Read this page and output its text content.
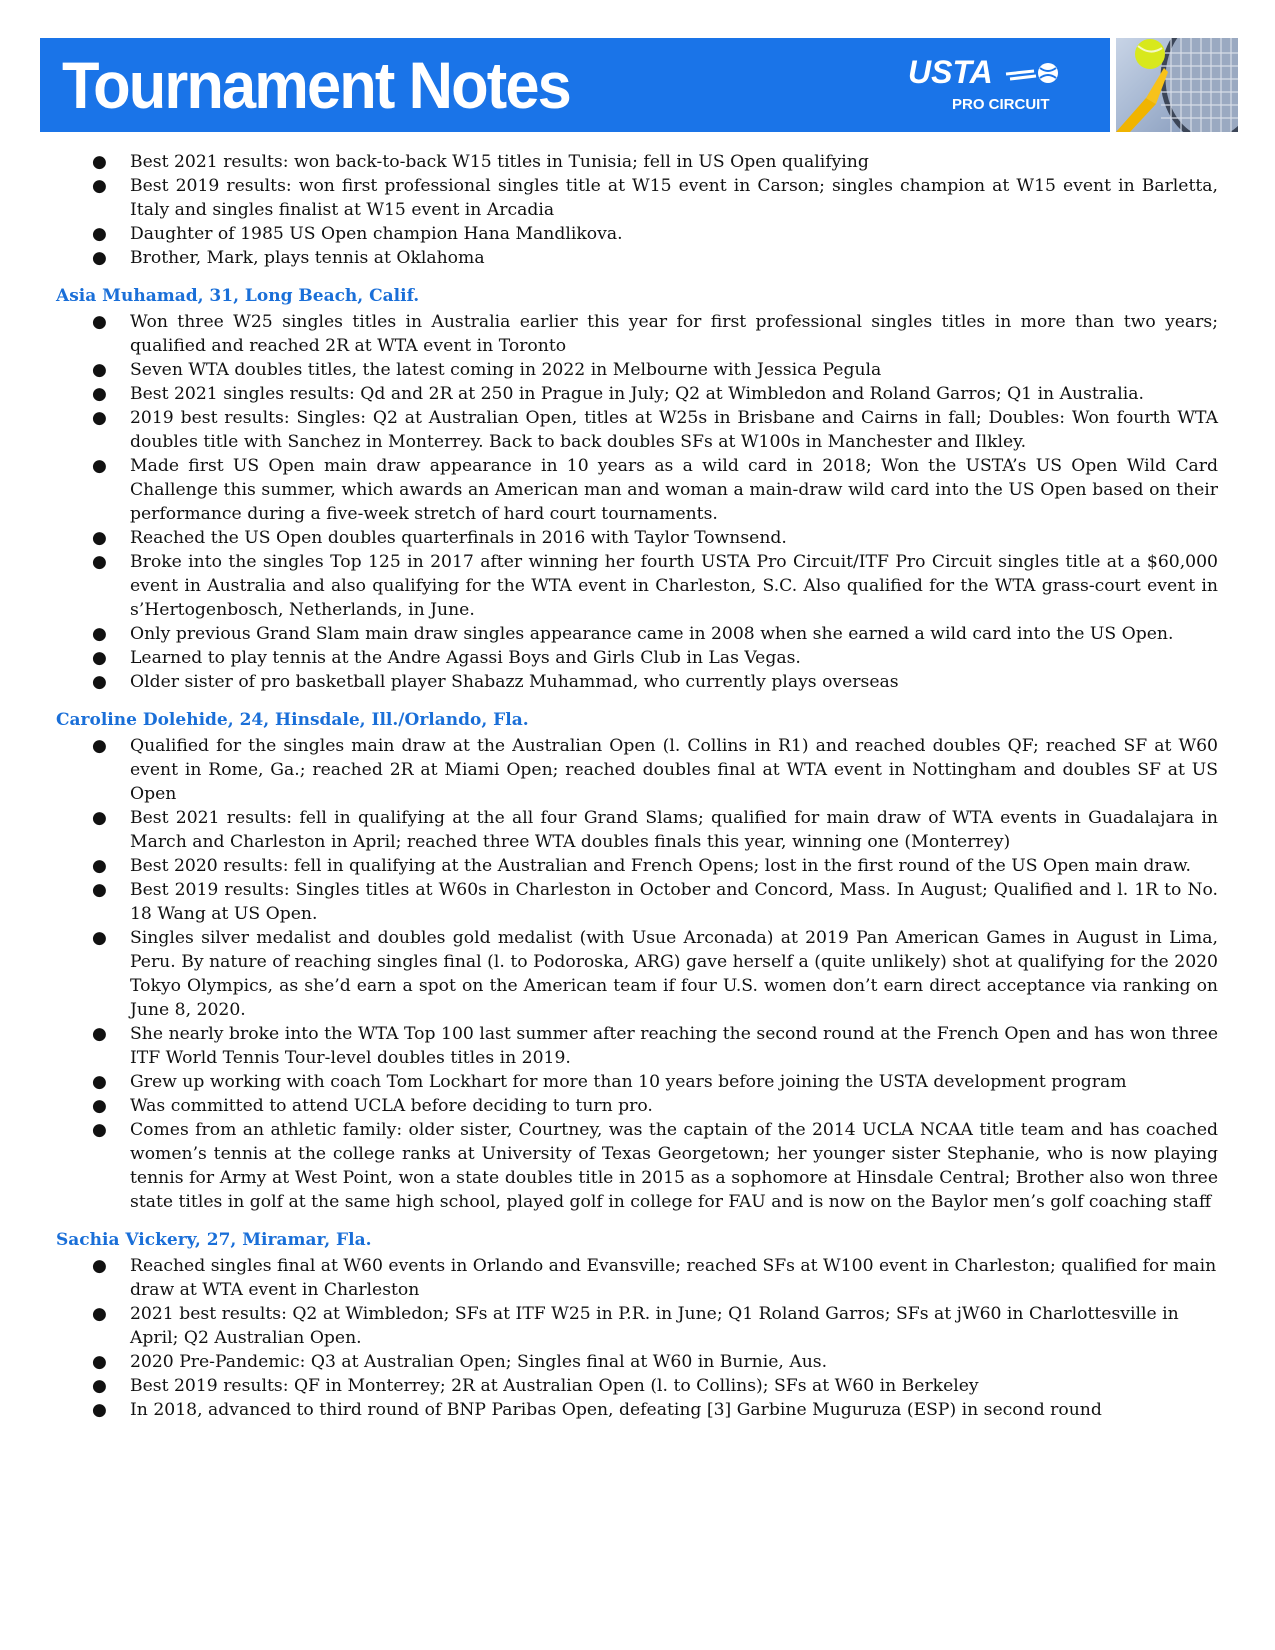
Tournament Notes	USTA
PRO CIRCUIT
● Best 2021 results: won back-to-back W15 titles in Tunisia; fell in US Open qualifying
● Best 2019 results: won first professional singles title at W15 event in Carson; singles champion at W15 event in Barletta, Italy and singles finalist at W15 event in Arcadia
● Daughter of 1985 US Open champion Hana Mandlikova.
● Brother, Mark, plays tennis at Oklahoma
Asia Muhamad, 31, Long Beach, Calif.
● Won three W25 singles titles in Australia earlier this year for first professional singles titles in more than two years; qualified and reached 2R at WTA event in Toronto
● Seven WTA doubles titles, the latest coming in 2022 in Melbourne with Jessica Pegula
● Best 2021 singles results: Qd and 2R at 250 in Prague in July; Q2 at Wimbledon and Roland Garros; Q1 in Australia.
● 2019 best results: Singles: Q2 at Australian Open, titles at W25s in Brisbane and Cairns in fall; Doubles: Won fourth WTA doubles title with Sanchez in Monterrey. Back to back doubles SFs at W100s in Manchester and Ilkley.
● Made first US Open main draw appearance in 10 years as a wild card in 2018; Won the USTA’s US Open Wild Card Challenge this summer, which awards an American man and woman a main-draw wild card into the US Open based on their performance during a five-week stretch of hard court tournaments.
● Reached the US Open doubles quarterfinals in 2016 with Taylor Townsend.
● Broke into the singles Top 125 in 2017 after winning her fourth USTA Pro Circuit/ITF Pro Circuit singles title at a $60,000 event in Australia and also qualifying for the WTA event in Charleston, S.C. Also qualified for the WTA grass-court event in s’Hertogenbosch, Netherlands, in June.
● Only previous Grand Slam main draw singles appearance came in 2008 when she earned a wild card into the US Open.
● Learned to play tennis at the Andre Agassi Boys and Girls Club in Las Vegas.
● Older sister of pro basketball player Shabazz Muhammad, who currently plays overseas
Caroline Dolehide, 24, Hinsdale, Ill./Orlando, Fla.
● Qualified for the singles main draw at the Australian Open (l. Collins in R1) and reached doubles QF; reached SF at W60 event in Rome, Ga.; reached 2R at Miami Open; reached doubles final at WTA event in Nottingham and doubles SF at US Open
● Best 2021 results: fell in qualifying at the all four Grand Slams; qualified for main draw of WTA events in Guadalajara in March and Charleston in April; reached three WTA doubles finals this year, winning one (Monterrey)
● Best 2020 results: fell in qualifying at the Australian and French Opens; lost in the first round of the US Open main draw.
● Best 2019 results: Singles titles at W60s in Charleston in October and Concord, Mass. In August; Qualified and l. 1R to No. 18 Wang at US Open.
● Singles silver medalist and doubles gold medalist (with Usue Arconada) at 2019 Pan American Games in August in Lima, Peru. By nature of reaching singles final (l. to Podoroska, ARG) gave herself a (quite unlikely) shot at qualifying for the 2020 Tokyo Olympics, as she’d earn a spot on the American team if four U.S. women don’t earn direct acceptance via ranking on June 8, 2020.
● She nearly broke into the WTA Top 100 last summer after reaching the second round at the French Open and has won three ITF World Tennis Tour-level doubles titles in 2019.
● Grew up working with coach Tom Lockhart for more than 10 years before joining the USTA development program
● Was committed to attend UCLA before deciding to turn pro.
● Comes from an athletic family: older sister, Courtney, was the captain of the 2014 UCLA NCAA title team and has coached women’s tennis at the college ranks at University of Texas Georgetown; her younger sister Stephanie, who is now playing tennis for Army at West Point, won a state doubles title in 2015 as a sophomore at Hinsdale Central; Brother also won three state titles in golf at the same high school, played golf in college for FAU and is now on the Baylor men’s golf coaching staff
Sachia Vickery, 27, Miramar, Fla.
● Reached singles final at W60 events in Orlando and Evansville; reached SFs at W100 event in Charleston; qualified for main draw at WTA event in Charleston
● 2021 best results: Q2 at Wimbledon; SFs at ITF W25 in P.R. in June; Q1 Roland Garros; SFs at jW60 in Charlottesville in April; Q2 Australian Open.
● 2020 Pre-Pandemic: Q3 at Australian Open; Singles final at W60 in Burnie, Aus.
● Best 2019 results: QF in Monterrey; 2R at Australian Open (l. to Collins); SFs at W60 in Berkeley
● In 2018, advanced to third round of BNP Paribas Open, defeating [3] Garbine Muguruza (ESP) in second round
